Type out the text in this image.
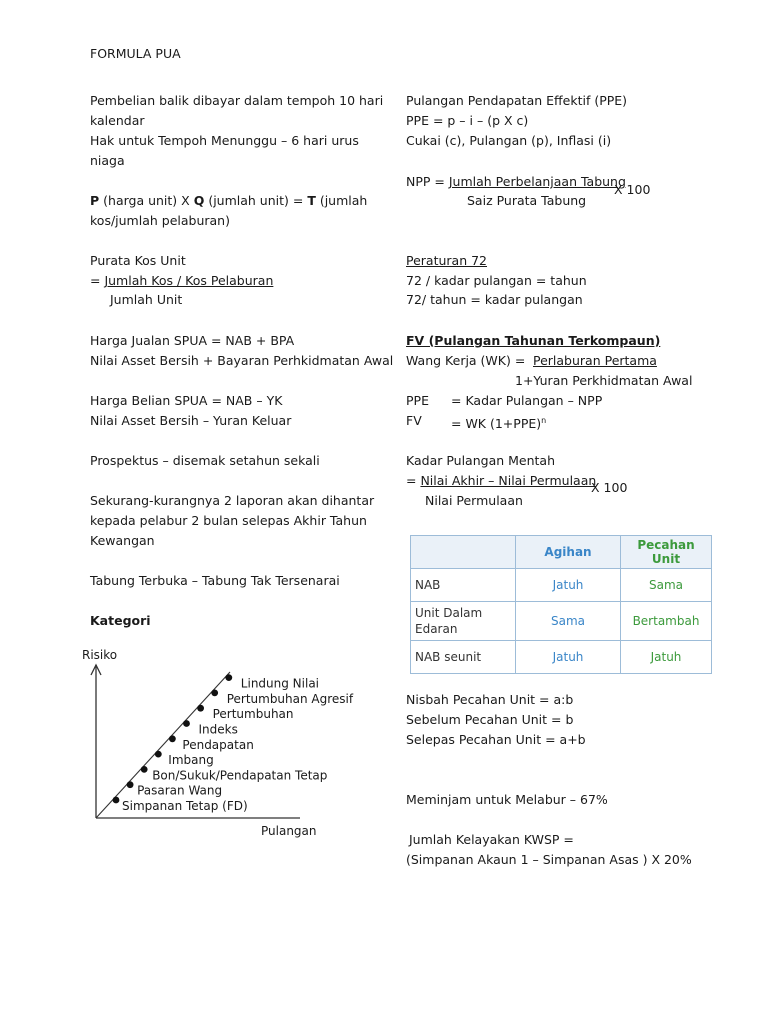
FORMULA PUA
Pembelian balik dibayar dalam tempoh 10 hari
kalendar
Hak untuk Tempoh Menunggu – 6 hari urus
niaga
P (harga unit) X Q (jumlah unit) = T (jumlah
kos/jumlah pelaburan)
Purata Kos Unit
= Jumlah Kos / Kos Pelaburan
Jumlah Unit
Harga Jualan SPUA = NAB + BPA
Nilai Asset Bersih + Bayaran Perhkidmatan Awal
Harga Belian SPUA = NAB – YK
Nilai Asset Bersih – Yuran Keluar
Prospektus – disemak setahun sekali
Sekurang-kurangnya 2 laporan akan dihantar
kepada pelabur 2 bulan selepas Akhir Tahun
Kewangan
Tabung Terbuka – Tabung Tak Tersenarai
Kategori
Risiko
Pulangan
Simpanan Tetap (FD)
Pasaran Wang
Bon/Sukuk/Pendapatan Tetap
Imbang
Pendapatan
Indeks
Pertumbuhan
Pertumbuhan Agresif
Lindung Nilai
Pulangan Pendapatan Effektif (PPE)
PPE = p – i – (p X c)
Cukai (c), Pulangan (p), Inflasi (i)
NPP = Jumlah Perbelanjaan Tabung
X 100
Saiz Purata Tabung
Peraturan 72
72 / kadar pulangan = tahun
72/ tahun = kadar pulangan
FV (Pulangan Tahunan Terkompaun)
Wang Kerja (WK) = Perlaburan Pertama
1+Yuran Perkhidmatan Awal
PPE = Kadar Pulangan – NPP
FV = WK $(1+PPE)^n$
Kadar Pulangan Mentah
= Nilai Akhir – Nilai Permulaan
X 100
Nilai Permulaan
	Agihan	Pecahan Unit
NAB	Jatuh	Sama
Unit Dalam
Edaran	Sama	Bertambah
NAB seunit	Jatuh	Jatuh
Nisbah Pecahan Unit = a:b
Sebelum Pecahan Unit = b
Selepas Pecahan Unit = a+b
Meminjam untuk Melabur – 67%
Jumlah Kelayakan KWSP =
(Simpanan Akaun 1 – Simpanan Asas ) X 20%
